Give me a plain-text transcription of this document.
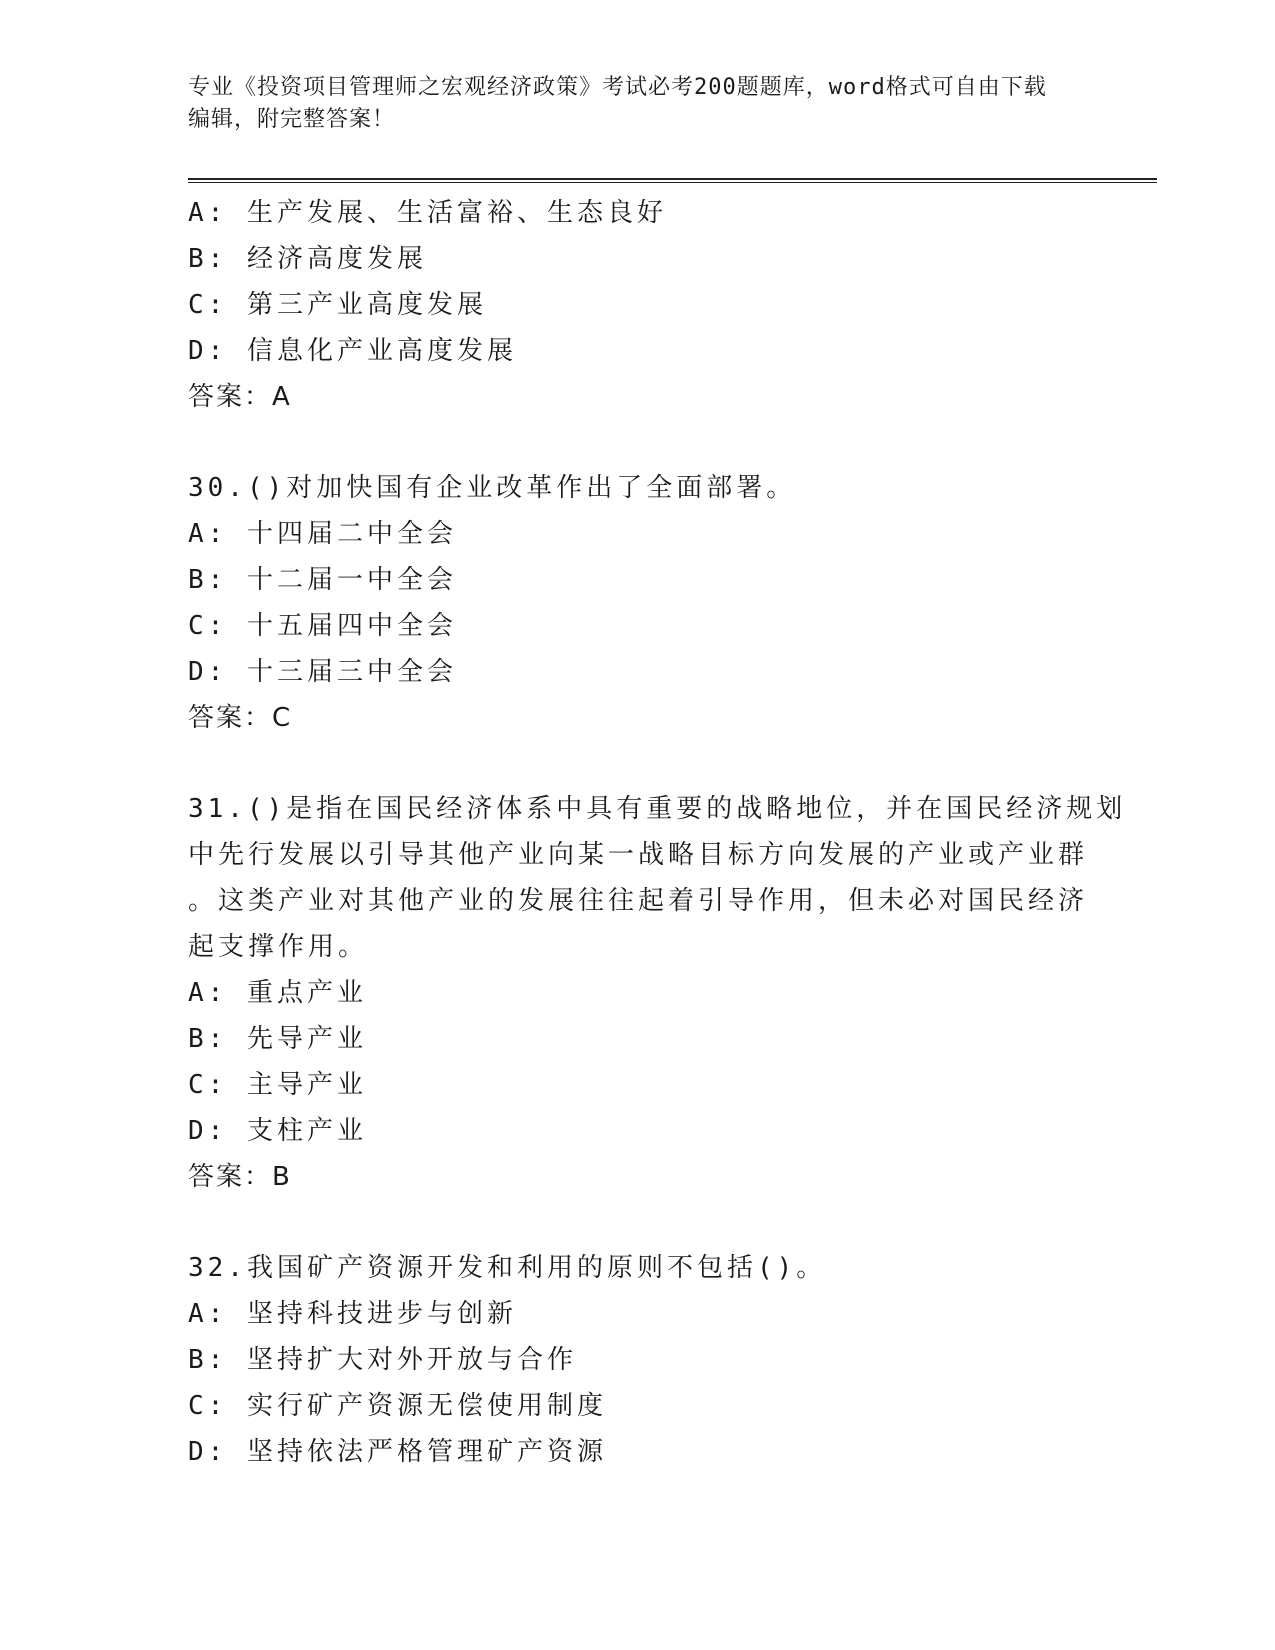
专业《投资项目管理师之宏观经济政策》考试必考200题题库，word格式可自由下载编辑，附完整答案！
A: 生产发展、生活富裕、生态良好
B: 经济高度发展
C: 第三产业高度发展
D: 信息化产业高度发展
答案：A
30.()对加快国有企业改革作出了全面部署。
A: 十四届二中全会
B: 十二届一中全会
C: 十五届四中全会
D: 十三届三中全会
答案：C
31.()是指在国民经济体系中具有重要的战略地位，并在国民经济规划
中先行发展以引导其他产业向某一战略目标方向发展的产业或产业群
。这类产业对其他产业的发展往往起着引导作用，但未必对国民经济
起支撑作用。
A: 重点产业
B: 先导产业
C: 主导产业
D: 支柱产业
答案：B
32.我国矿产资源开发和利用的原则不包括()。
A: 坚持科技进步与创新
B: 坚持扩大对外开放与合作
C: 实行矿产资源无偿使用制度
D: 坚持依法严格管理矿产资源
